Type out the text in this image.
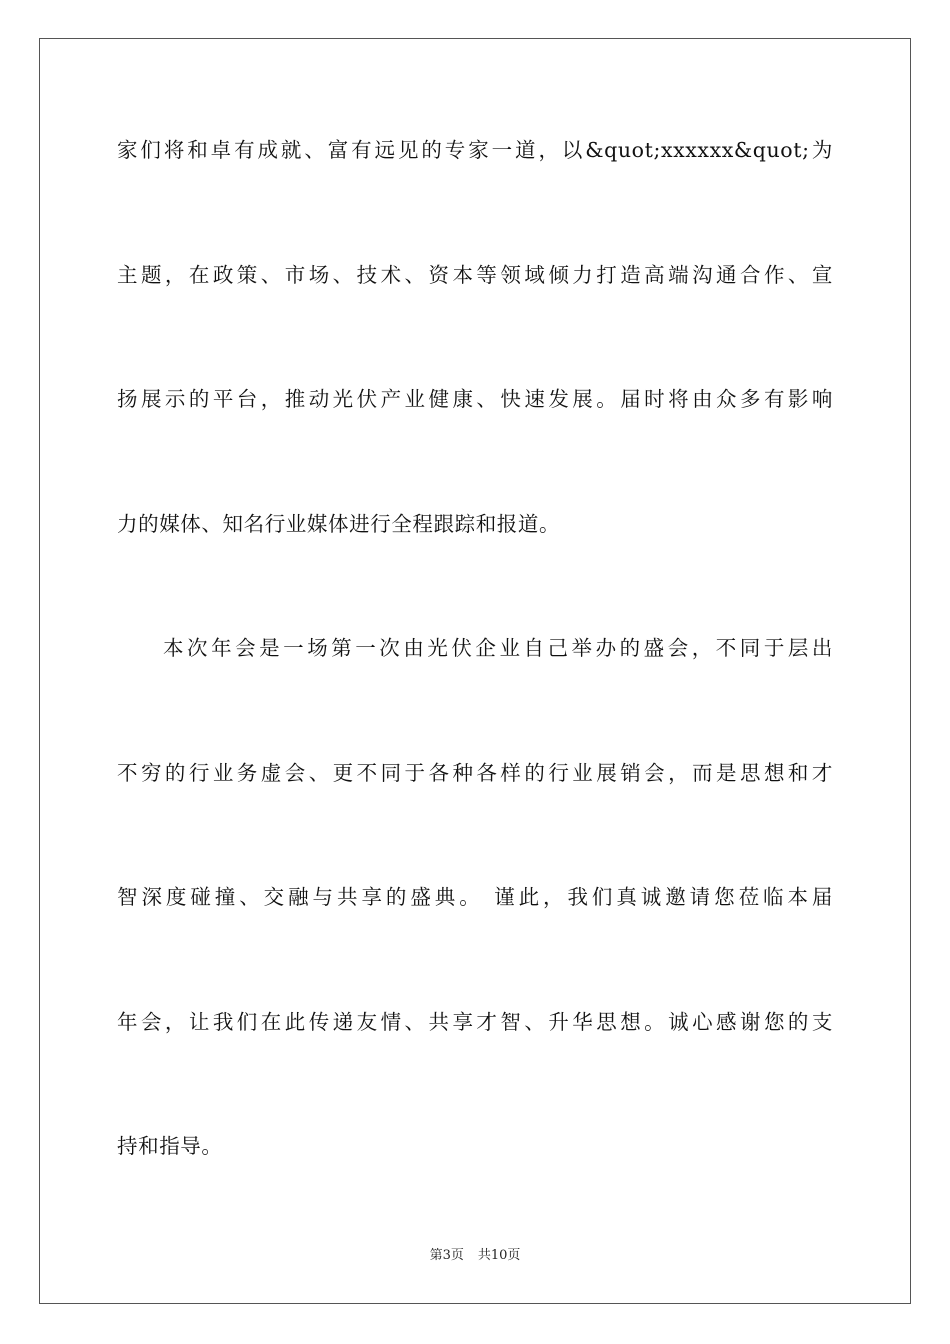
家们将和卓有成就、富有远见的专家一道，以&quot;xxxxxx&quot;为
主题，在政策、市场、技术、资本等领域倾力打造高端沟通合作、宣
扬展示的平台，推动光伏产业健康、快速发展。届时将由众多有影响
力的媒体、知名行业媒体进行全程跟踪和报道。
本次年会是一场第一次由光伏企业自己举办的盛会，不同于层出
不穷的行业务虚会、更不同于各种各样的行业展销会，而是思想和才
智深度碰撞、交融与共享的盛典。 谨此，我们真诚邀请您莅临本届
年会，让我们在此传递友情、共享才智、升华思想。诚心感谢您的支
持和指导。
第3页 共10页
